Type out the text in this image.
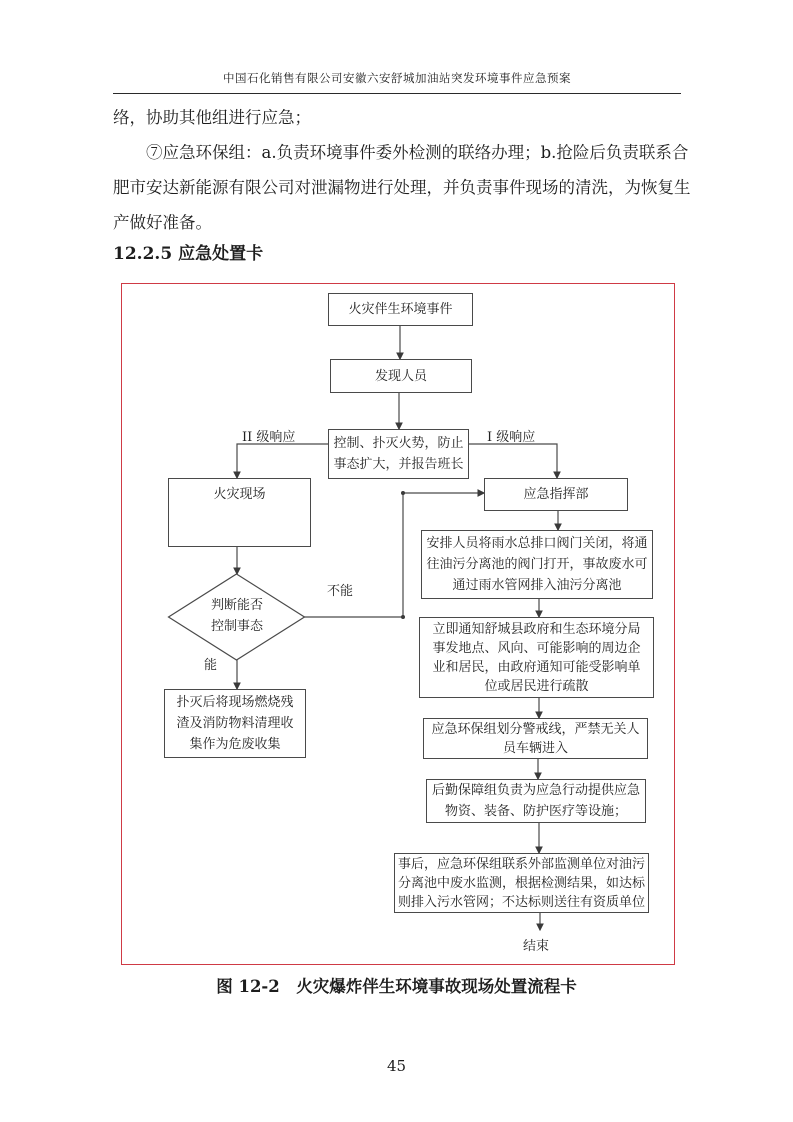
中国石化销售有限公司安徽六安舒城加油站突发环境事件应急预案
络，协助其他组进行应急；
⑦应急环保组：a.负责环境事件委外检测的联络办理；b.抢险后负责联系合
肥市安达新能源有限公司对泄漏物进行处理，并负责事件现场的清洗，为恢复生
产做好准备。
12.2.5 应急处置卡
火灾伴生环境事件
发现人员
控制、扑灭火势，防止事态扩大，并报告班长
火灾现场
判断能否控制事态
扑灭后将现场燃烧残渣及消防物料清理收集作为危废收集
应急指挥部
安排人员将雨水总排口阀门关闭，将通往油污分离池的阀门打开，事故废水可通过雨水管网排入油污分离池
立即通知舒城县政府和生态环境分局事发地点、风向、可能影响的周边企业和居民，由政府通知可能受影响单位或居民进行疏散
应急环保组划分警戒线，严禁无关人员车辆进入
后勤保障组负责为应急行动提供应急物资、装备、防护医疗等设施；
事后，应急环保组联系外部监测单位对油污分离池中废水监测，根据检测结果，如达标则排入污水管网；不达标则送往有资质单位
II 级响应	I 级响应
不能
能
结束
图 12-2　火灾爆炸伴生环境事故现场处置流程卡
45
